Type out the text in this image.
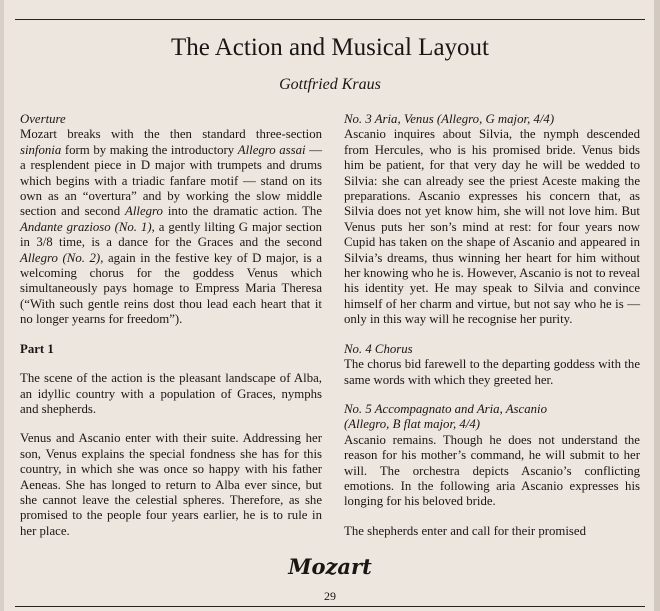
The Action and Musical Layout
Gottfried Kraus

Overture

Mozart breaks with the then standard three-section sinfonia form by making the introductory Allegro assai — a resplendent piece in D major with trumpets and drums which begins with a triadic fanfare motif — stand on its own as an “overtura” and by working the slow middle section and second Allegro into the dramatic action. The Andante grazioso (No. 1), a gently lilting G major section in 3/8 time, is a dance for the Graces and the second Allegro (No. 2), again in the festive key of D major, is a welcoming chorus for the goddess Venus which simultaneously pays homage to Empress Maria Theresa (“With such gentle reins dost thou lead each heart that it no longer yearns for freedom”).

Part 1

The scene of the action is the pleasant landscape of Alba, an idyllic country with a population of Graces, nymphs and shepherds.

Venus and Ascanio enter with their suite. Addressing her son, Venus explains the special fondness she has for this country, in which she was once so happy with his father Aeneas. She has longed to return to Alba ever since, but she cannot leave the celestial spheres. Therefore, as she promised to the people four years earlier, he is to rule in her place.

No. 3 Aria, Venus (Allegro, G major, 4/4)

Ascanio inquires about Silvia, the nymph descended from Hercules, who is his promised bride. Venus bids him be patient, for that very day he will be wedded to Silvia: she can already see the priest Aceste making the preparations. Ascanio expresses his concern that, as Silvia does not yet know him, she will not love him. But Venus puts her son’s mind at rest: for four years now Cupid has taken on the shape of Ascanio and appeared in Silvia’s dreams, thus winning her heart for him without her knowing who he is. However, Ascanio is not to reveal his identity yet. He may speak to Silvia and convince himself of her charm and virtue, but not say who he is — only in this way will he recognise her purity.

No. 4 Chorus

The chorus bid farewell to the departing goddess with the same words with which they greeted her.

No. 5 Accompagnato and Aria, Ascanio

(Allegro, B flat major, 4/4)

Ascanio remains. Though he does not understand the reason for his mother’s command, he will submit to her will. The orchestra depicts Ascanio’s conflicting emotions. In the following aria Ascanio expresses his longing for his beloved bride.

The shepherds enter and call for their promised

Mozart
29
